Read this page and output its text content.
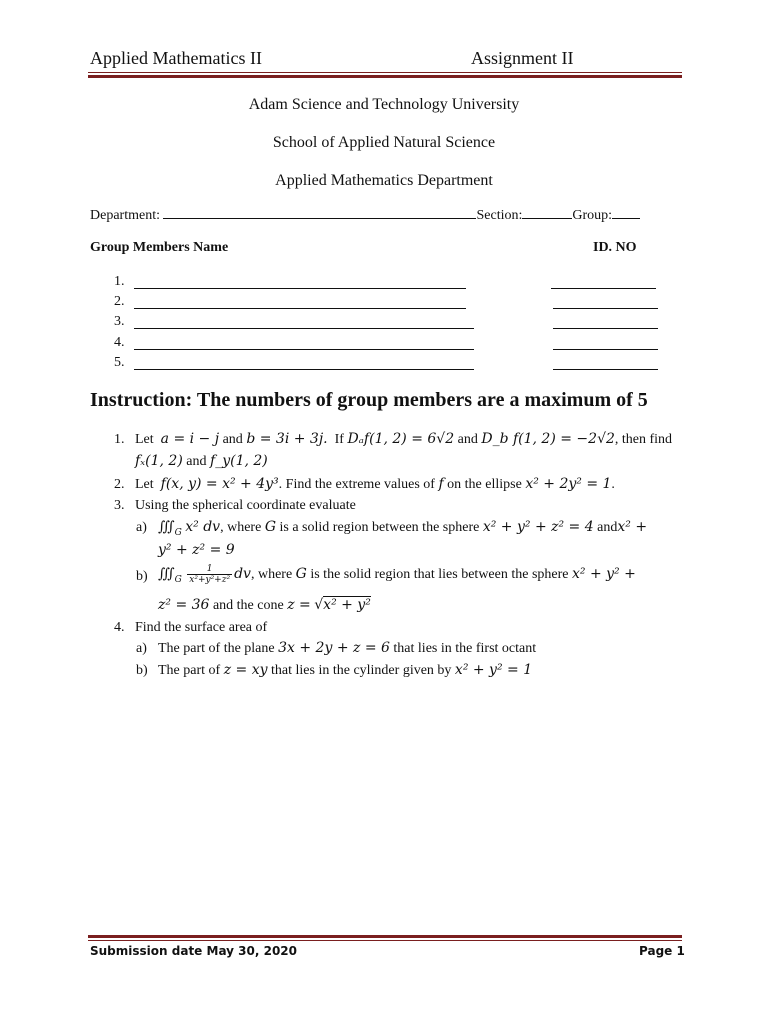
Applied Mathematics II	Assignment II
Adam Science and Technology University
School of Applied Natural Science
Applied Mathematics Department
Department:	Section:	Group:
Group Members Name	ID. NO
1.
2.
3.
4.
5.
Instruction: The numbers of group members are a maximum of 5
1. Let a = i − j and b = 3i + 3j. If Dₐf(1, 2) = 6√2 and D_b f(1, 2) = −2√2, then find
fₓ(1, 2) and f_y(1, 2)
2. Let f(x, y) = x² + 4y³. Find the extreme values of f on the ellipse x² + 2y² = 1.
3. Using the spherical coordinate evaluate
a) $∭_G$ x² dv, where G is a solid region between the sphere x² + y² + z² = 4 andx² +
y² + z² = 9
b) $∭_G \frac{1}{\text{x²+y²+z²}}$ dv, where G is the solid region that lies between the sphere x² + y² +
z² = 36 and the cone z = √x² + y²
4. Find the surface area of
a) The part of the plane 3x + 2y + z = 6 that lies in the first octant
b) The part of z = xy that lies in the cylinder given by x² + y² = 1
Submission date May 30, 2020	Page 1
